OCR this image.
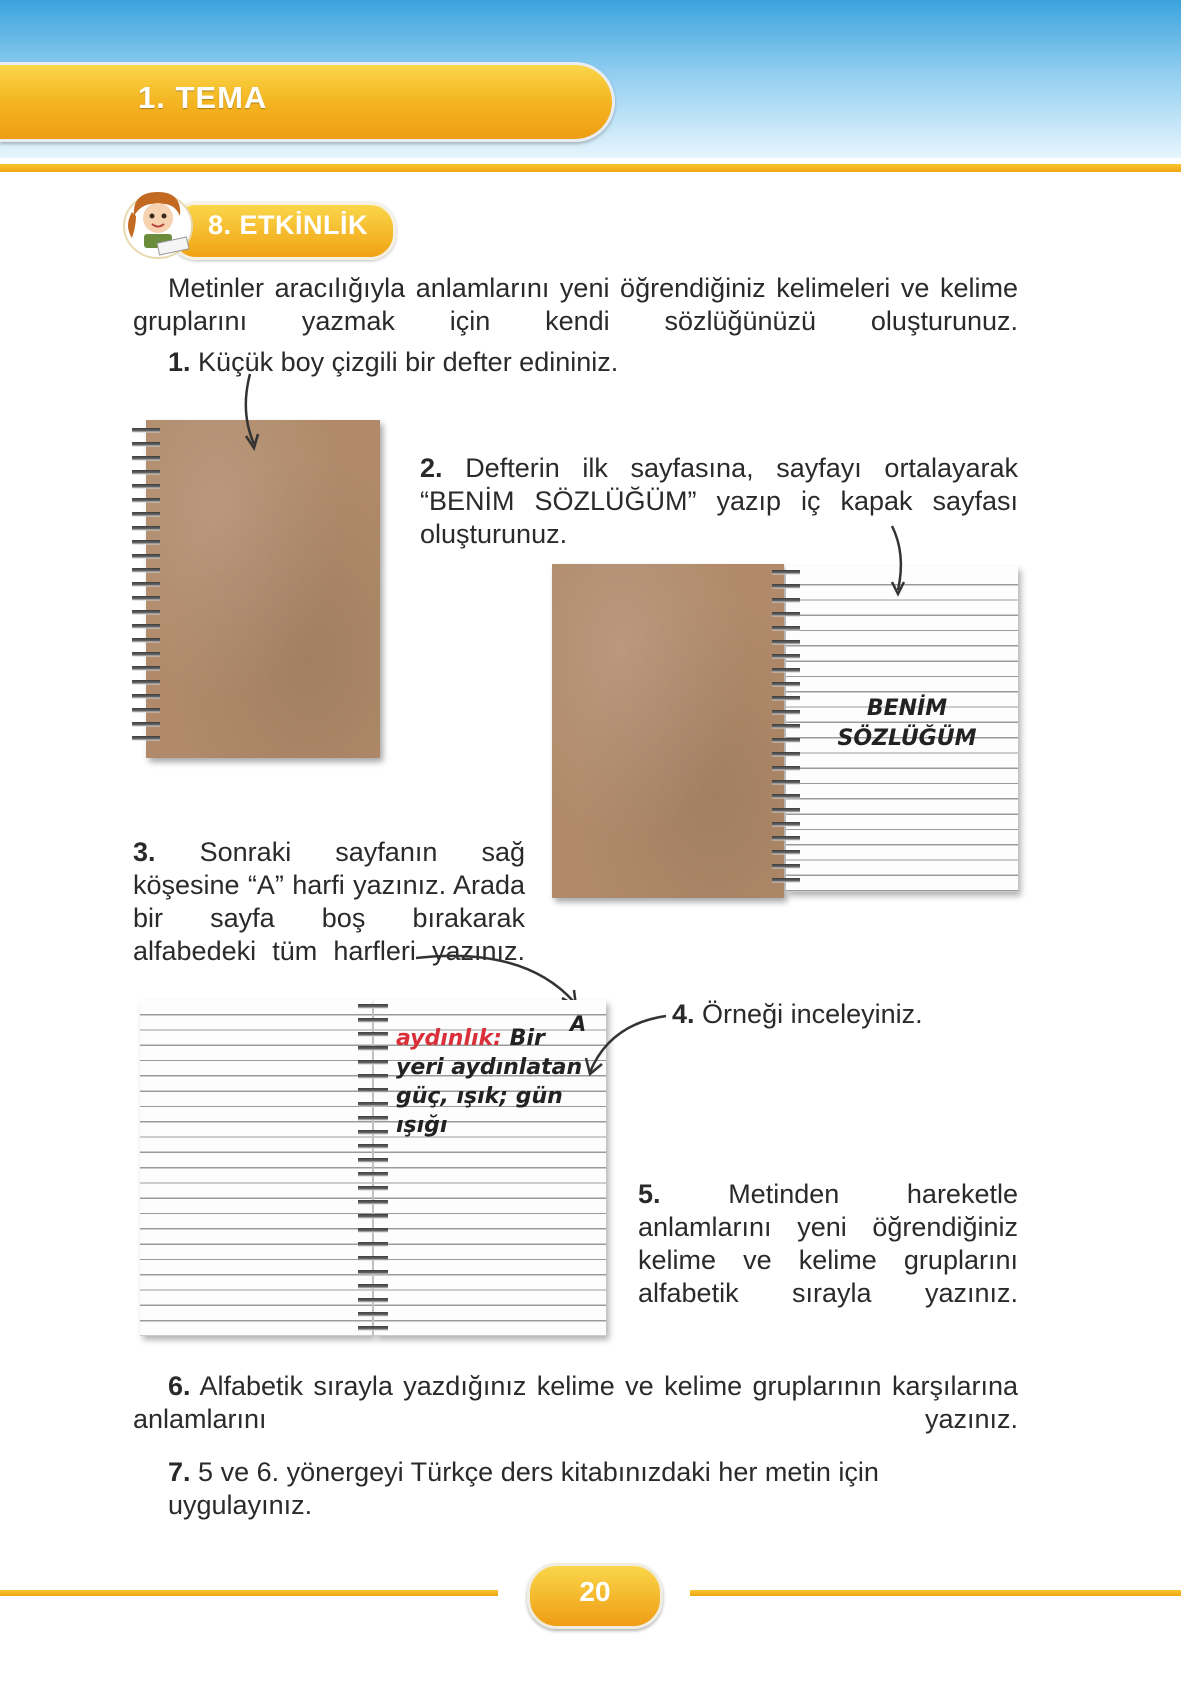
1. TEMA
8. ETKİNLİK
Metinler aracılığıyla anlamlarını yeni öğrendiğiniz kelimeleri ve kelime gruplarını yazmak için kendi sözlüğünüzü oluşturunuz.
1. Küçük boy çizgili bir defter edininiz.
2. Defterin ilk sayfasına, sayfayı ortalayarak “BENİM SÖZLÜĞÜM” yazıp iç kapak sayfası oluşturunuz.
BENİM
SÖZLÜĞÜM
3. Sonraki sayfanın sağ köşesine “A” harfi yazınız. Arada bir sayfa boş bırakarak alfabedeki tüm harfleri yazınız.
A
aydınlık: Bir
yeri aydınlatan
güç, ışık; gün
ışığı
4. Örneği inceleyiniz.
5.	Metinden hareketle anlamlarını yeni öğrendiğiniz kelime ve kelime gruplarını alfabetik sırayla yazınız.
6. Alfabetik sırayla yazdığınız kelime ve kelime gruplarının karşılarına anlamlarını yazınız.
7. 5 ve 6. yönergeyi Türkçe ders kitabınızdaki her metin için uygulayınız.
20
